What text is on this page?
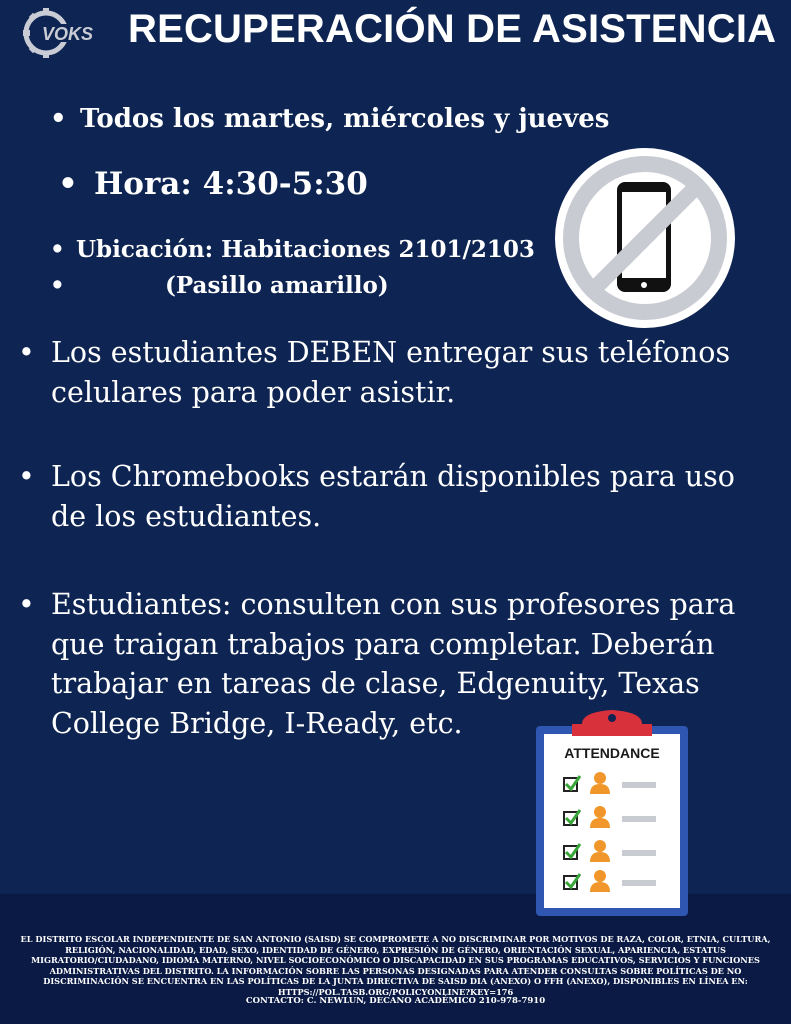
VOKS RECUPERACIÓN DE ASISTENCIA
• Todos los martes, miércoles y jueves
• Hora: 4:30-5:30
• Ubicación: Habitaciones 2101/2103
•	(Pasillo amarillo)
• Los estudiantes DEBEN entregar sus teléfonos celulares para poder asistir.
• Los Chromebooks estarán disponibles para uso de los estudiantes.
• Estudiantes: consulten con sus profesores para que traigan trabajos para completar. Deberán trabajar en tareas de clase, Edgenuity, Texas College Bridge, I-Ready, etc.
EL DISTRITO ESCOLAR INDEPENDIENTE DE SAN ANTONIO (SAISD) SE COMPROMETE A NO DISCRIMINAR POR MOTIVOS DE RAZA, COLOR, ETNIA, CULTURA, RELIGIÓN, NACIONALIDAD, EDAD, SEXO, IDENTIDAD DE GÉNERO, EXPRESIÓN DE GÉNERO, ORIENTACIÓN SEXUAL, APARIENCIA, ESTATUS MIGRATORIO/CIUDADANO, IDIOMA MATERNO, NIVEL SOCIOECONÓMICO O DISCAPACIDAD EN SUS PROGRAMAS EDUCATIVOS, SERVICIOS Y FUNCIONES ADMINISTRATIVAS DEL DISTRITO. LA INFORMACIÓN SOBRE LAS PERSONAS DESIGNADAS PARA ATENDER CONSULTAS SOBRE POLÍTICAS DE NO DISCRIMINACIÓN SE ENCUENTRA EN LAS POLÍTICAS DE LA JUNTA DIRECTIVA DE SAISD DIA (ANEXO) O FFH (ANEXO), DISPONIBLES EN LÍNEA EN: HTTPS://POL.TASB.ORG/POLICYONLINE?KEY=176
CONTACTO: C. NEWLUN, DECANO ACADÉMICO 210-978-7910
ATTENDANCE
